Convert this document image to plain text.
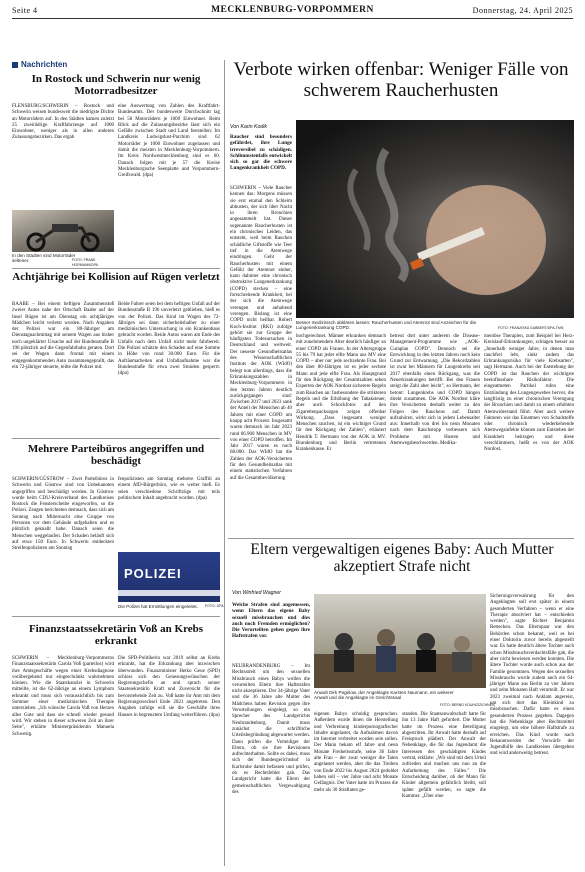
Seite 4	MECKLENBURG-VORPOMMERN	Donnerstag, 24. April 2025
Nachrichten
In Rostock und Schwerin nur wenig Motorradbesitzer
FLENSBURG/SCHWERIN – Rostock und Schwerin weisen bundesweit die niedrigste Dichte an Motorrädern auf. In den Städten kamen zuletzt 25 zweirädrige Kraftfahrzeuge auf 1000 Einwohner, weniger als in allen anderen Zulassungsbezirken. Das ergab
eine Auswertung von Zahlen des Kraftfahrt-Bundesamts. Der bundesweite Durchschnitt lag bei 58 Motorrädern je 1000 Einwohner. Beim Blick auf die Zulassungsbezirke lässt sich ein Gefälle zwischen Stadt und Land feststellen: Im Landkreis Ludwigslust-Parchim sind 62 Motorräder je 1000 Einwohner zugelassen und damit die meisten in Mecklenburg-Vorpommern. Im Kreis Nordwestmecklenburg sind es 60. Danach folgen mit je 57 die Kreise Mecklenburgische Seenplatte und Vorpommern-Greifswald. (dpa)
In den Städten sind Motorräder seltener.	FOTO: FRANK HORMANN/DPA
Achtjährige bei Kollision auf Rügen verletzt
BAABE – Bei einem heftigen Zusammenstoß zweier Autos nahe der Ortschaft Baabe auf der Insel Rügen ist am Dienstag ein achtjähriges Mädchen leicht verletzt worden. Nach Angaben der Polizei war ein 80-Jähriger am Dienstagnachmittag mit seinem Wagen aus bisher noch ungeklärter Ursache auf der Bundesstraße B 196 plötzlich auf die Gegenfahrbahn geraten. Dort sei der Wagen dann frontal mit einem entgegenkommenden Auto zusammengeprallt, das ein 72-jähriger steuerte, teilte die Polizei mit.
Beide Fahrer seien bei dem heftigen Unfall auf der Bundesstraße B 196 unverletzt geblieben, hieß es von der Polizei. Das Kind im Wagen des 72-Jährigen sei dann sicherheitshalber zu einer medizinischen Untersuchung in ein Krankenhaus gebracht worden. Beide Autos waren am Ende des Unfalls nach dem Unfall nicht mehr fahrbereit. Die Polizei schätzte den Schaden auf eine Summe in Höhe von rund 30.000 Euro. Für die Aufräumarbeiten und Unfallaufnahme war die Bundesstraße für etwa zwei Stunden gesperrt. (dpa)
Mehrere Parteibüros angegriffen und beschädigt
SCHWERIN/GÜSTROW – Zwei Parteibüros in Schwerin und Güstrow sind von Unbekannten angegriffen und beschädigt worden. In Güstrow wurde beim CDU-Kreisverband des Landkreises Rostock die Fensterscheibe eingeworfen, so die Polizei. Zeugen berichteten demnach, dass sich am Sonntag nach Mitternacht eine Gruppe von Personen vor dem Gebäude aufgehalten und es plötzlich geknallt habe. Danach seien die Menschen weggelaufen. Der Schaden beläuft sich auf etwa 150 Euro. In Schwerin entdeckten Streifenpolizisten am Sonntag
fenpolizisten am Sonntag mehrere Graffiti an einem AfD-Bürgerbüro, wie es weiter hieß. Es seien verschiedene Schriftzüge mit teils politischem Inhalt angebracht worden. (dpa)
POLIZEI
Die Polizei hat Ermittlungen eingeleitet. FOTO: DPA
Finanzstaatssekretärin Voß an Krebs erkrankt
SCHWERIN – Mecklenburg-Vorpommerns Finanzstaatssekretärin Carola Voß (parteilos) wird ihre Amtsgeschäfte wegen einer Krebsdiagnose vorübergehend nur eingeschränkt wahrnehmen können. Wie die Staatskanzlei in Schwerin mitteilte, ist die 62-Jährige an einem Lymphom erkrankt und muss sich voraussichtlich bis zum Sommer einer medizinischen Therapie unterziehen. „Ich wünsche Carola Voß von Herzen alles Gute und dass sie schnell wieder gesund wird. Wir stehen in dieser schweren Zeit an ihrer Seite", erklärte Ministerpräsidentin Manuela Schwesig.
Die SPD-Politikerin war 2019 selbst an Krebs erkrankt, hat die Erkrankung aber inzwischen überwunden. Finanzminister Heiko Geue (SPD) schloss sich den Genesungswünschen der Regierungschefin an und sprach seiner Staatssekretärin Kraft und Zuversicht für die bevorstehende Zeit zu. Voß hatte ihr Amt mit dem Regierungswechsel Ende 2021 angetreten. Den Angaben zufolge will sie die Geschäfte ihres Hauses in begrenztem Umfang weiterführen. (dpa)
Verbote wirken offenbar: Weniger Fälle von schwerem Raucherhusten
Von Karin Kodik
Raucher sind besonders gefährdet, ihre Lunge irreversibel zu schädigen. Schlimmstenfalls entwickelt sich so gar die schwere Lungenkrankheit COPD.
SCHWERIN – Viele Raucher kennen das: Morgens müssen sie erst einmal den Schleim abhusten, der sich über Nacht in ihren Bronchien angesammelt hat. Dieser sogenannte Raucherhusten ist ein chronisches Leiden, das entsteht, weil beim Rauchen schädliche Giftstoffe wie Teer tief in die Atemwege eindringen. Geht der Raucherhusten mit einem Gefühl der Atemnot einher, kann dahinter eine chronisch obstruktive Lungenerkrankung (COPD) stecken – eine fortschreitende Krankheit, bei der sich die Atemwege verengen und anhaltend verengen. Bislang ist eine COPD nicht heilbar. Robert Koch-Institut (RKI) zufolge gehört sie zur Gruppe der häufigsten Todesursachen in Deutschland und weltweit. Der neueste Gesundheitsatlas des Wissenschaftlichen Instituts der AOK (WIdO) belegt nun allerdings, dass die Erkrankungszahlen in Mecklenburg-Vorpommern in den letzten Jahren deutlich zurückgegangen sind: Zwischen 2017 und 2023 sank der Anteil der Menschen ab 40 Jahren mit einer COPD um knapp acht Prozent. Insgesamt waren demnach im Jahr 2023 rund 66.900 Menschen in MV von einer COPD betroffen. Im Jahr 2017 waren es noch 68.000. Das WIdO hat die Zahlen der AOK-Versicherten für den Gesundheitsatlas mit einem statistischen Verfahren auf die Gesamtbevölkerung
Besser medizinisch abklären lassen: Raucherhusten und Atemnot sind Anzeichen für die Lungenerkrankung COPD.	FOTO: FRANZISKA GABBERT/DPA-TMN
hochgerechnet. Männer erkranken demnach mit zunehmendem Alter deutlich häufiger an einer COPD als Frauen. In der Altersgruppe 55 bis 79 hat jeder elfte Mann aus MV eine COPD – aber nur jede sechzehnte Frau. Bei den über 80-Jährigen ist es jeder sechste Mann und jede elfte Frau. Als Hauptgrund für den Rückgang der Gesamtzahlen sehen Experten der AOK Nordost sicherere Regeln zum Rauchen an: Insbesondere die strikteren Regeln und die Erhöhung der Tabaksteuer, aber auch Schockfotos auf den Zigarettenpackungen zeigen offenbar Wirkung. „Dass insgesamt weniger Menschen rauchen, ist ein wichtiger Grund für den Rückgang der Zahlen", erläutert Hendrik T. Hermann von der AOK in MV. Brandenburg und Berlin vertretenen Krankenkasse. Er
betreut dort unter anderem die Disease-Management-Programme wie „AOK-Curaplan COPD". Dennoch sei die Entwicklung in den letzten Jahren noch kein Grund zur Entwarnung. „Die Rekordzahlen ist zwar bei Männern für Lungenkrebs seit 2017 ebenfalls einen Rückgang, was die Neuerkrankungen betrifft. Bei den Frauen steigt die Zahl aber leicht", so Hermann, der betont: Lungenkrebs und COPD hängen direkt zusammen. Die AOK Nordost kläre ihre Versicherten deshalb weiter zu den Folgen des Rauchens auf. Damit aufzuhören, wirkt sich in jedem Lebensalter aus: Innerhalb von drei bis neun Monaten nach dem Rauchstopp verbessern sich Probleme mit Husten und Atemwegsbeschwerden. Medika-
mentöse Therapien, zum Beispiel bei Herz-Kreislauf-Erkrankungen, schlagen besser an „Innerhalb weniger Jahre, in denen man rauchfrei lebt, sinkt zudem das Erkrankungsrisiko für viele Krebsarten", sagt Hermann. Auch bei der Entstehung der COPD ist das Rauchen der wichtigste beeinflussbare Risikofaktor. Die eingeatmeten Partikel rufen eine Entzündung des Lungengewebes hervor, die langfristig zu einer chronischen Verengung der Bronchien und damit zu einem erhöhten Atemwiderstand führt. Aber auch weitere Faktoren wie das Einatmen von Schadstoffe oder chronisch wiederkehrende Atemwegsinfekte können zum Entstehen der Krankheit beitragen und diese verschlimmern, heißt es von der AOK Nordost.
Eltern vergewaltigen eigenes Baby: Auch Mutter akzeptiert Strafe nicht
Von Winfried Wagner
Welche Strafen sind angemessen, wenn Eltern das eigene Baby sexuell missbrauchen und dies auch noch Fremden ermöglichen? Die Verurteilten gehen gegen ihre Haftstrafen vor.
NEUBRANDENBURG – Im Rechtsstreit um den sexuellen Missbrauch eines Babys wollen die verurteilten Eltern ihre Haftstrafen nicht akzeptieren. Der 34-jährige Vater und die 36 Jahre alte Mutter des Mädchens haben Revision gegen ihre Verurteilungen eingelegt, so ein Sprecher des Landgerichts Neubrandenburg. Damit muss zunächst die schriftliche Urteilsbegründung abgewartet werden. Dann prüfen die Verteidiger der Eltern, ob sie ihre Revisionen aufrechterhalten. Sollte es dabei, muss sich der Bundesgerichtshof in Karlsruhe damit befassen und prüfen, ob es Rechtsfehler gab. Das Landgericht hatte die Eltern der gemeinschaftlichen Vergewaltigung des
Anwalt Dirk Pegelow, der Angeklagte Karsten Naumann, ein weiterer Anwalt und die Angeklagte im Gerichtssaal
FOTO: BERND KOUHIZ/ZICHNEN
eigenen Babys schuldig gesprochen. Außerdem wurde ihnen die Herstellung und Verbreitung kinderpornografischer Inhalte angelastet, da Aufnahmen davon im Internet verbreitet worden sein sollen. Der Mann bekam elf Jahre und neun Monate Freiheitsstrafe, seine 36 Jahre alte Frau – der zwar weniger die Taten angelastet werden, aber die das Treiben von Ende 2022 bis August 2024 geduldet haben soll – vier Jahre und acht Monate Gefängnis. Der Vater hatte im Prozess die mehr als 30 Straftaten ge-
standen. Die Staatsanwaltschaft hatte für ihn 13 Jahre Haft gefordert. Die Mutter hatte im Prozess eine Beteiligung abgestritten. Ihr Anwalt hatte deshalb auf Freispruch plädiert. Der Anwalt der Nebenklage, die für das Jugendamt die Interessen des geschädigten Kindes vertrat, erklärte: „Wir sind mit dem Urteil zufrieden und machen uns nun an die Aufarbeitung des Falles." Die Entscheidung darüber, ob der Mann für Kinder allgemein gefährlich bleibt, soll später gefällt werden, so tagte die Kammer. „Über eine
Sicherungsverwahrung für den Angeklagten soll erst später in einem gesonderten Verfahren – wenn er eine Therapie absolviert hat – entschieden werden", sagte Richter Benjamin Bettecken. Das Elternpaar war den Behörden schon bekannt, weil es bei einer Doktorin zuvor bereits abgestellt war. Es hatte deutlich ältere Tochter auch schon Missbrauchsverdachtsfälle gab, die aber nicht bewiesen werden konnten. Die ältere Tochter wurde auch schon aus der Familie genommen. Wegen des sexuellen Missbrauchs wurde zudem auch ein 64-jähriger Mann aus Berlin zu vier Jahren und zehn Monaten Haft verurteilt. Er war 2023 zweimal nach Anklam angereist, um sich dort das Kleinkind zu missbrauchen. Dafür hatte es einen gesonderten Prozess gegeben. Dagegen hat die Nebenklage aber Rechtsmittel eingelegt, um eine höhere Haftstrafe zu erreichen. Das Kind wurde nach Bekanntwerden der Vorwürfe der Jugendhilfe des Landkreises übergeben und wird anderweitig betreut.
